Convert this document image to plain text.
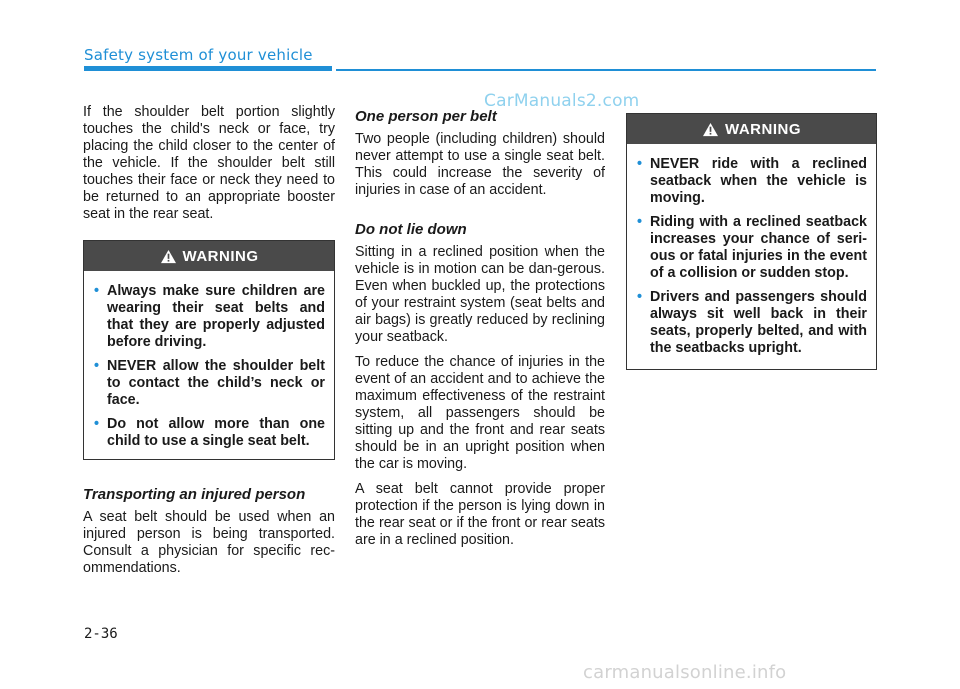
Safety system of your vehicle
CarManuals2.com

If the shoulder belt portion slightly touches the child's neck or face, try placing the child closer to the center of the vehicle. If the shoulder belt still touches their face or neck they need to be returned to an appropriate booster seat in the rear seat.

WARNING
• Always make sure children are wearing their seat belts and that they are properly adjusted before driving.
• NEVER allow the shoulder belt to contact the child’s neck or face.
• Do not allow more than one child to use a single seat belt.
Transporting an injured person

A seat belt should be used when an injured person is being transported. Consult a physician for specific rec-ommendations.

One person per belt

Two people (including children) should never attempt to use a single seat belt. This could increase the severity of injuries in case of an accident.

Do not lie down

Sitting in a reclined position when the vehicle is in motion can be dan-gerous. Even when buckled up, the protections of your restraint system (seat belts and air bags) is greatly reduced by reclining your seatback.

To reduce the chance of injuries in the event of an accident and to achieve the maximum effectiveness of the restraint system, all passengers should be sitting up and the front and rear seats should be in an upright position when the car is moving.

A seat belt cannot provide proper protection if the person is lying down in the rear seat or if the front or rear seats are in a reclined position.

WARNING
• NEVER ride with a reclined seatback when the vehicle is moving.
• Riding with a reclined seatback increases your chance of seri-ous or fatal injuries in the event of a collision or sudden stop.
• Drivers and passengers should always sit well back in their seats, properly belted, and with the seatbacks upright.
2-36
carmanualsonline.info
